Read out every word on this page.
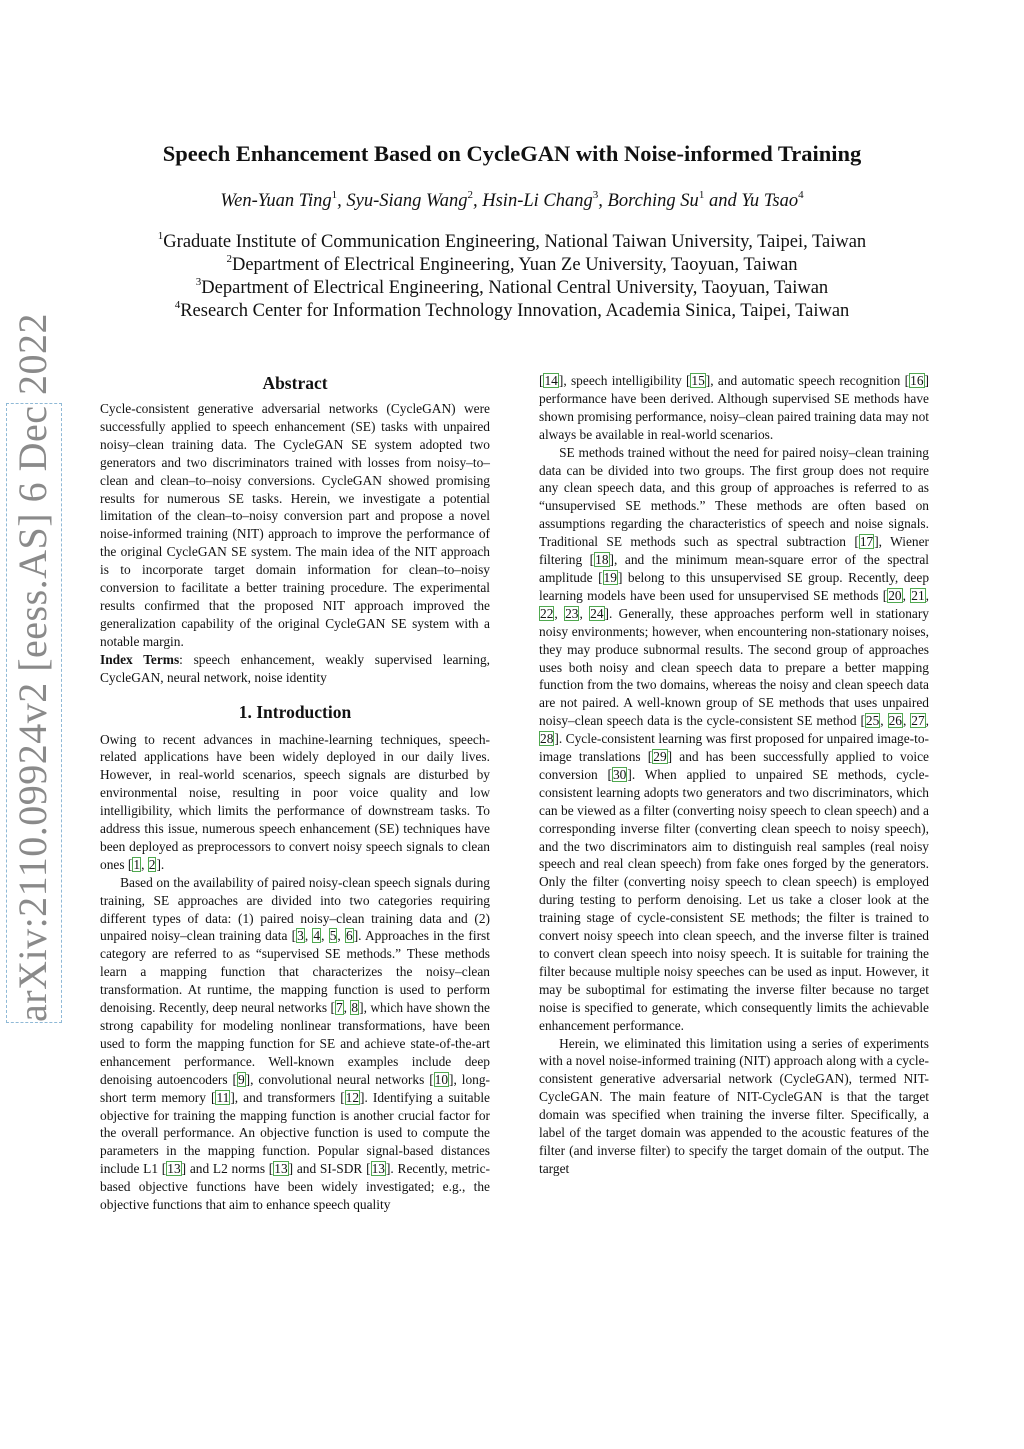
arXiv:2110.09924v2 [eess.AS] 6 Dec 2022
Speech Enhancement Based on CycleGAN with Noise-informed Training
Wen-Yuan Ting$^1$, Syu-Siang Wang$^2$, Hsin-Li Chang$^3$, Borching Su$^1$ and Yu Tsao$^4$
$^1$Graduate Institute of Communication Engineering, National Taiwan University, Taipei, Taiwan
$^2$Department of Electrical Engineering, Yuan Ze University, Taoyuan, Taiwan
$^3$Department of Electrical Engineering, National Central University, Taoyuan, Taiwan
$^4$Research Center for Information Technology Innovation, Academia Sinica, Taipei, Taiwan
Abstract

Cycle-consistent generative adversarial networks (CycleGAN) were successfully applied to speech enhancement (SE) tasks with unpaired noisy–clean training data. The CycleGAN SE system adopted two generators and two discriminators trained with losses from noisy–to–clean and clean–to–noisy conversions. CycleGAN showed promising results for numerous SE tasks. Herein, we investigate a potential limitation of the clean–to–noisy conversion part and propose a novel noise-informed training (NIT) approach to improve the performance of the original CycleGAN SE system. The main idea of the NIT approach is to incorporate target domain information for clean–to–noisy conversion to facilitate a better training procedure. The experimental results confirmed that the proposed NIT approach improved the generalization capability of the original CycleGAN SE system with a notable margin.

Index Terms: speech enhancement, weakly supervised learning, CycleGAN, neural network, noise identity

1. Introduction

Owing to recent advances in machine-learning techniques, speech-related applications have been widely deployed in our daily lives. However, in real-world scenarios, speech signals are disturbed by environmental noise, resulting in poor voice quality and low intelligibility, which limits the performance of downstream tasks. To address this issue, numerous speech enhancement (SE) techniques have been deployed as preprocessors to convert noisy speech signals to clean ones [1, 2].

Based on the availability of paired noisy-clean speech signals during training, SE approaches are divided into two categories requiring different types of data: (1) paired noisy–clean training data and (2) unpaired noisy–clean training data [3, 4, 5, 6]. Approaches in the first category are referred to as “supervised SE methods.” These methods learn a mapping function that characterizes the noisy–clean transformation. At runtime, the mapping function is used to perform denoising. Recently, deep neural networks [7, 8], which have shown the strong capability for modeling nonlinear transformations, have been used to form the mapping function for SE and achieve state-of-the-art enhancement performance. Well-known examples include deep denoising autoencoders [9], convolutional neural networks [10], long-short term memory [11], and transformers [12]. Identifying a suitable objective for training the mapping function is another crucial factor for the overall performance. An objective function is used to compute the parameters in the mapping function. Popular signal-based distances include L1 [13] and L2 norms [13] and SI-SDR [13]. Recently, metric-based objective functions have been widely investigated; e.g., the objective functions that aim to enhance speech quality

[14], speech intelligibility [15], and automatic speech recognition [16] performance have been derived. Although supervised SE methods have shown promising performance, noisy–clean paired training data may not always be available in real-world scenarios.

SE methods trained without the need for paired noisy–clean training data can be divided into two groups. The first group does not require any clean speech data, and this group of approaches is referred to as “unsupervised SE methods.” These methods are often based on assumptions regarding the characteristics of speech and noise signals. Traditional SE methods such as spectral subtraction [17], Wiener filtering [18], and the minimum mean-square error of the spectral amplitude [19] belong to this unsupervised SE group. Recently, deep learning models have been used for unsupervised SE methods [20, 21, 22, 23, 24]. Generally, these approaches perform well in stationary noisy environments; however, when encountering non-stationary noises, they may produce subnormal results. The second group of approaches uses both noisy and clean speech data to prepare a better mapping function from the two domains, whereas the noisy and clean speech data are not paired. A well-known group of SE methods that uses unpaired noisy–clean speech data is the cycle-consistent SE method [25, 26, 27, 28]. Cycle-consistent learning was first proposed for unpaired image-to-image translations [29] and has been successfully applied to voice conversion [30]. When applied to unpaired SE methods, cycle-consistent learning adopts two generators and two discriminators, which can be viewed as a filter (converting noisy speech to clean speech) and a corresponding inverse filter (converting clean speech to noisy speech), and the two discriminators aim to distinguish real samples (real noisy speech and real clean speech) from fake ones forged by the generators. Only the filter (converting noisy speech to clean speech) is employed during testing to perform denoising. Let us take a closer look at the training stage of cycle-consistent SE methods; the filter is trained to convert noisy speech into clean speech, and the inverse filter is trained to convert clean speech into noisy speech. It is suitable for training the filter because multiple noisy speeches can be used as input. However, it may be suboptimal for estimating the inverse filter because no target noise is specified to generate, which consequently limits the achievable enhancement performance.

Herein, we eliminated this limitation using a series of experiments with a novel noise-informed training (NIT) approach along with a cycle-consistent generative adversarial network (CycleGAN), termed NIT-CycleGAN. The main feature of NIT-CycleGAN is that the target domain was specified when training the inverse filter. Specifically, a label of the target domain was appended to the acoustic features of the filter (and inverse filter) to specify the target domain of the output. The target
